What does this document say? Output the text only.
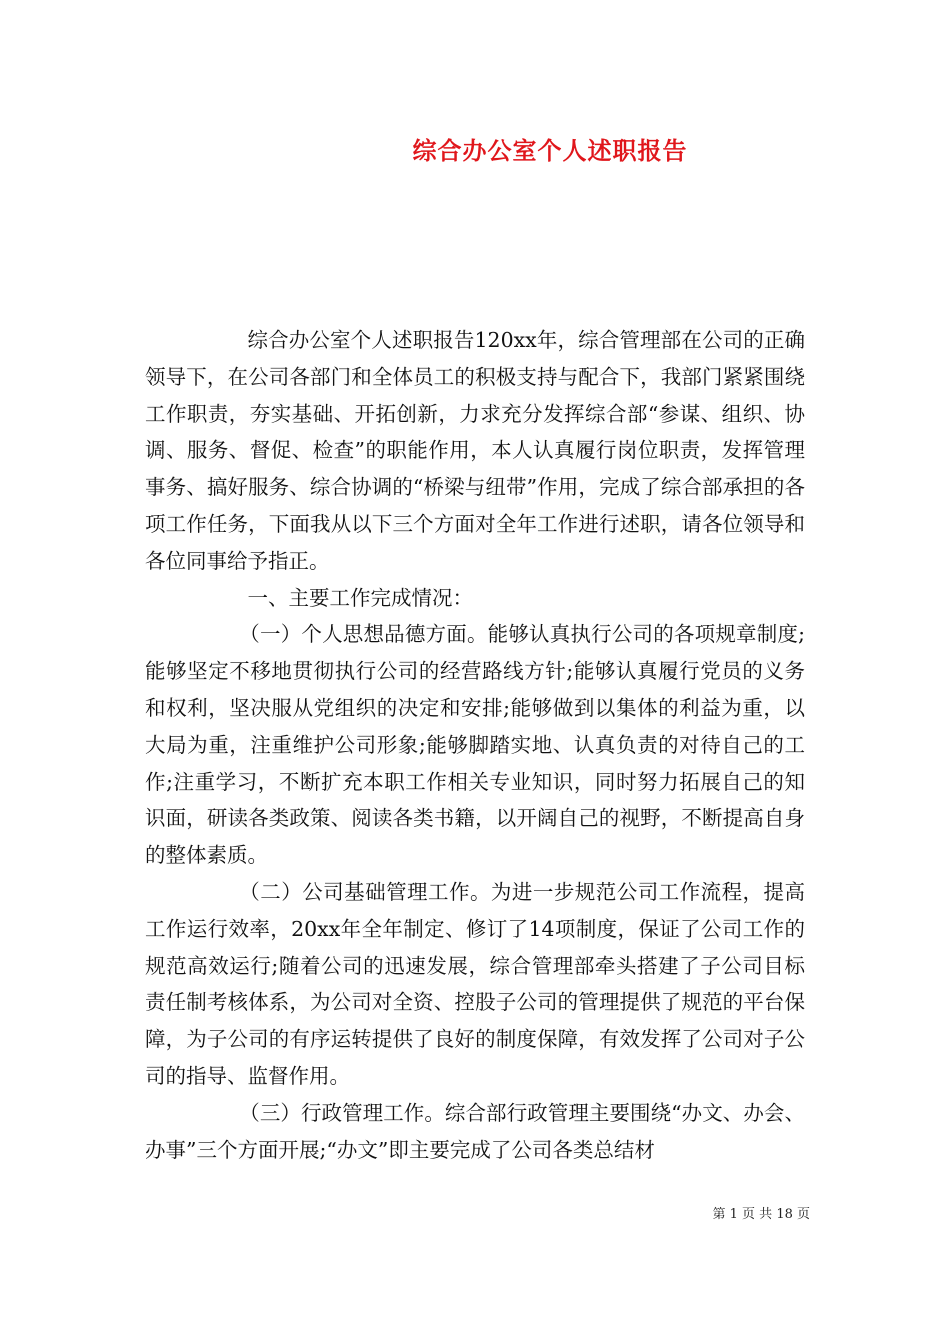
综合办公室个人述职报告

综合办公室个人述职报告120xx年，综合管理部在公司的正确领导下，在公司各部门和全体员工的积极支持与配合下，我部门紧紧围绕工作职责，夯实基础、开拓创新，力求充分发挥综合部“参谋、组织、协调、服务、督促、检查”的职能作用，本人认真履行岗位职责，发挥管理事务、搞好服务、综合协调的“桥梁与纽带”作用，完成了综合部承担的各项工作任务，下面我从以下三个方面对全年工作进行述职，请各位领导和各位同事给予指正。

一、主要工作完成情况：

（一）个人思想品德方面。能够认真执行公司的各项规章制度;能够坚定不移地贯彻执行公司的经营路线方针;能够认真履行党员的义务和权利，坚决服从党组织的决定和安排;能够做到以集体的利益为重，以大局为重，注重维护公司形象;能够脚踏实地、认真负责的对待自己的工作;注重学习，不断扩充本职工作相关专业知识，同时努力拓展自己的知识面，研读各类政策、阅读各类书籍，以开阔自己的视野，不断提高自身的整体素质。

（二）公司基础管理工作。为进一步规范公司工作流程，提高工作运行效率，20xx年全年制定、修订了14项制度，保证了公司工作的规范高效运行;随着公司的迅速发展，综合管理部牵头搭建了子公司目标责任制考核体系，为公司对全资、控股子公司的管理提供了规范的平台保障，为子公司的有序运转提供了良好的制度保障，有效发挥了公司对子公司的指导、监督作用。

（三）行政管理工作。综合部行政管理主要围绕“办文、办会、办事”三个方面开展;“办文”即主要完成了公司各类总结材

第 1 页 共 18 页
